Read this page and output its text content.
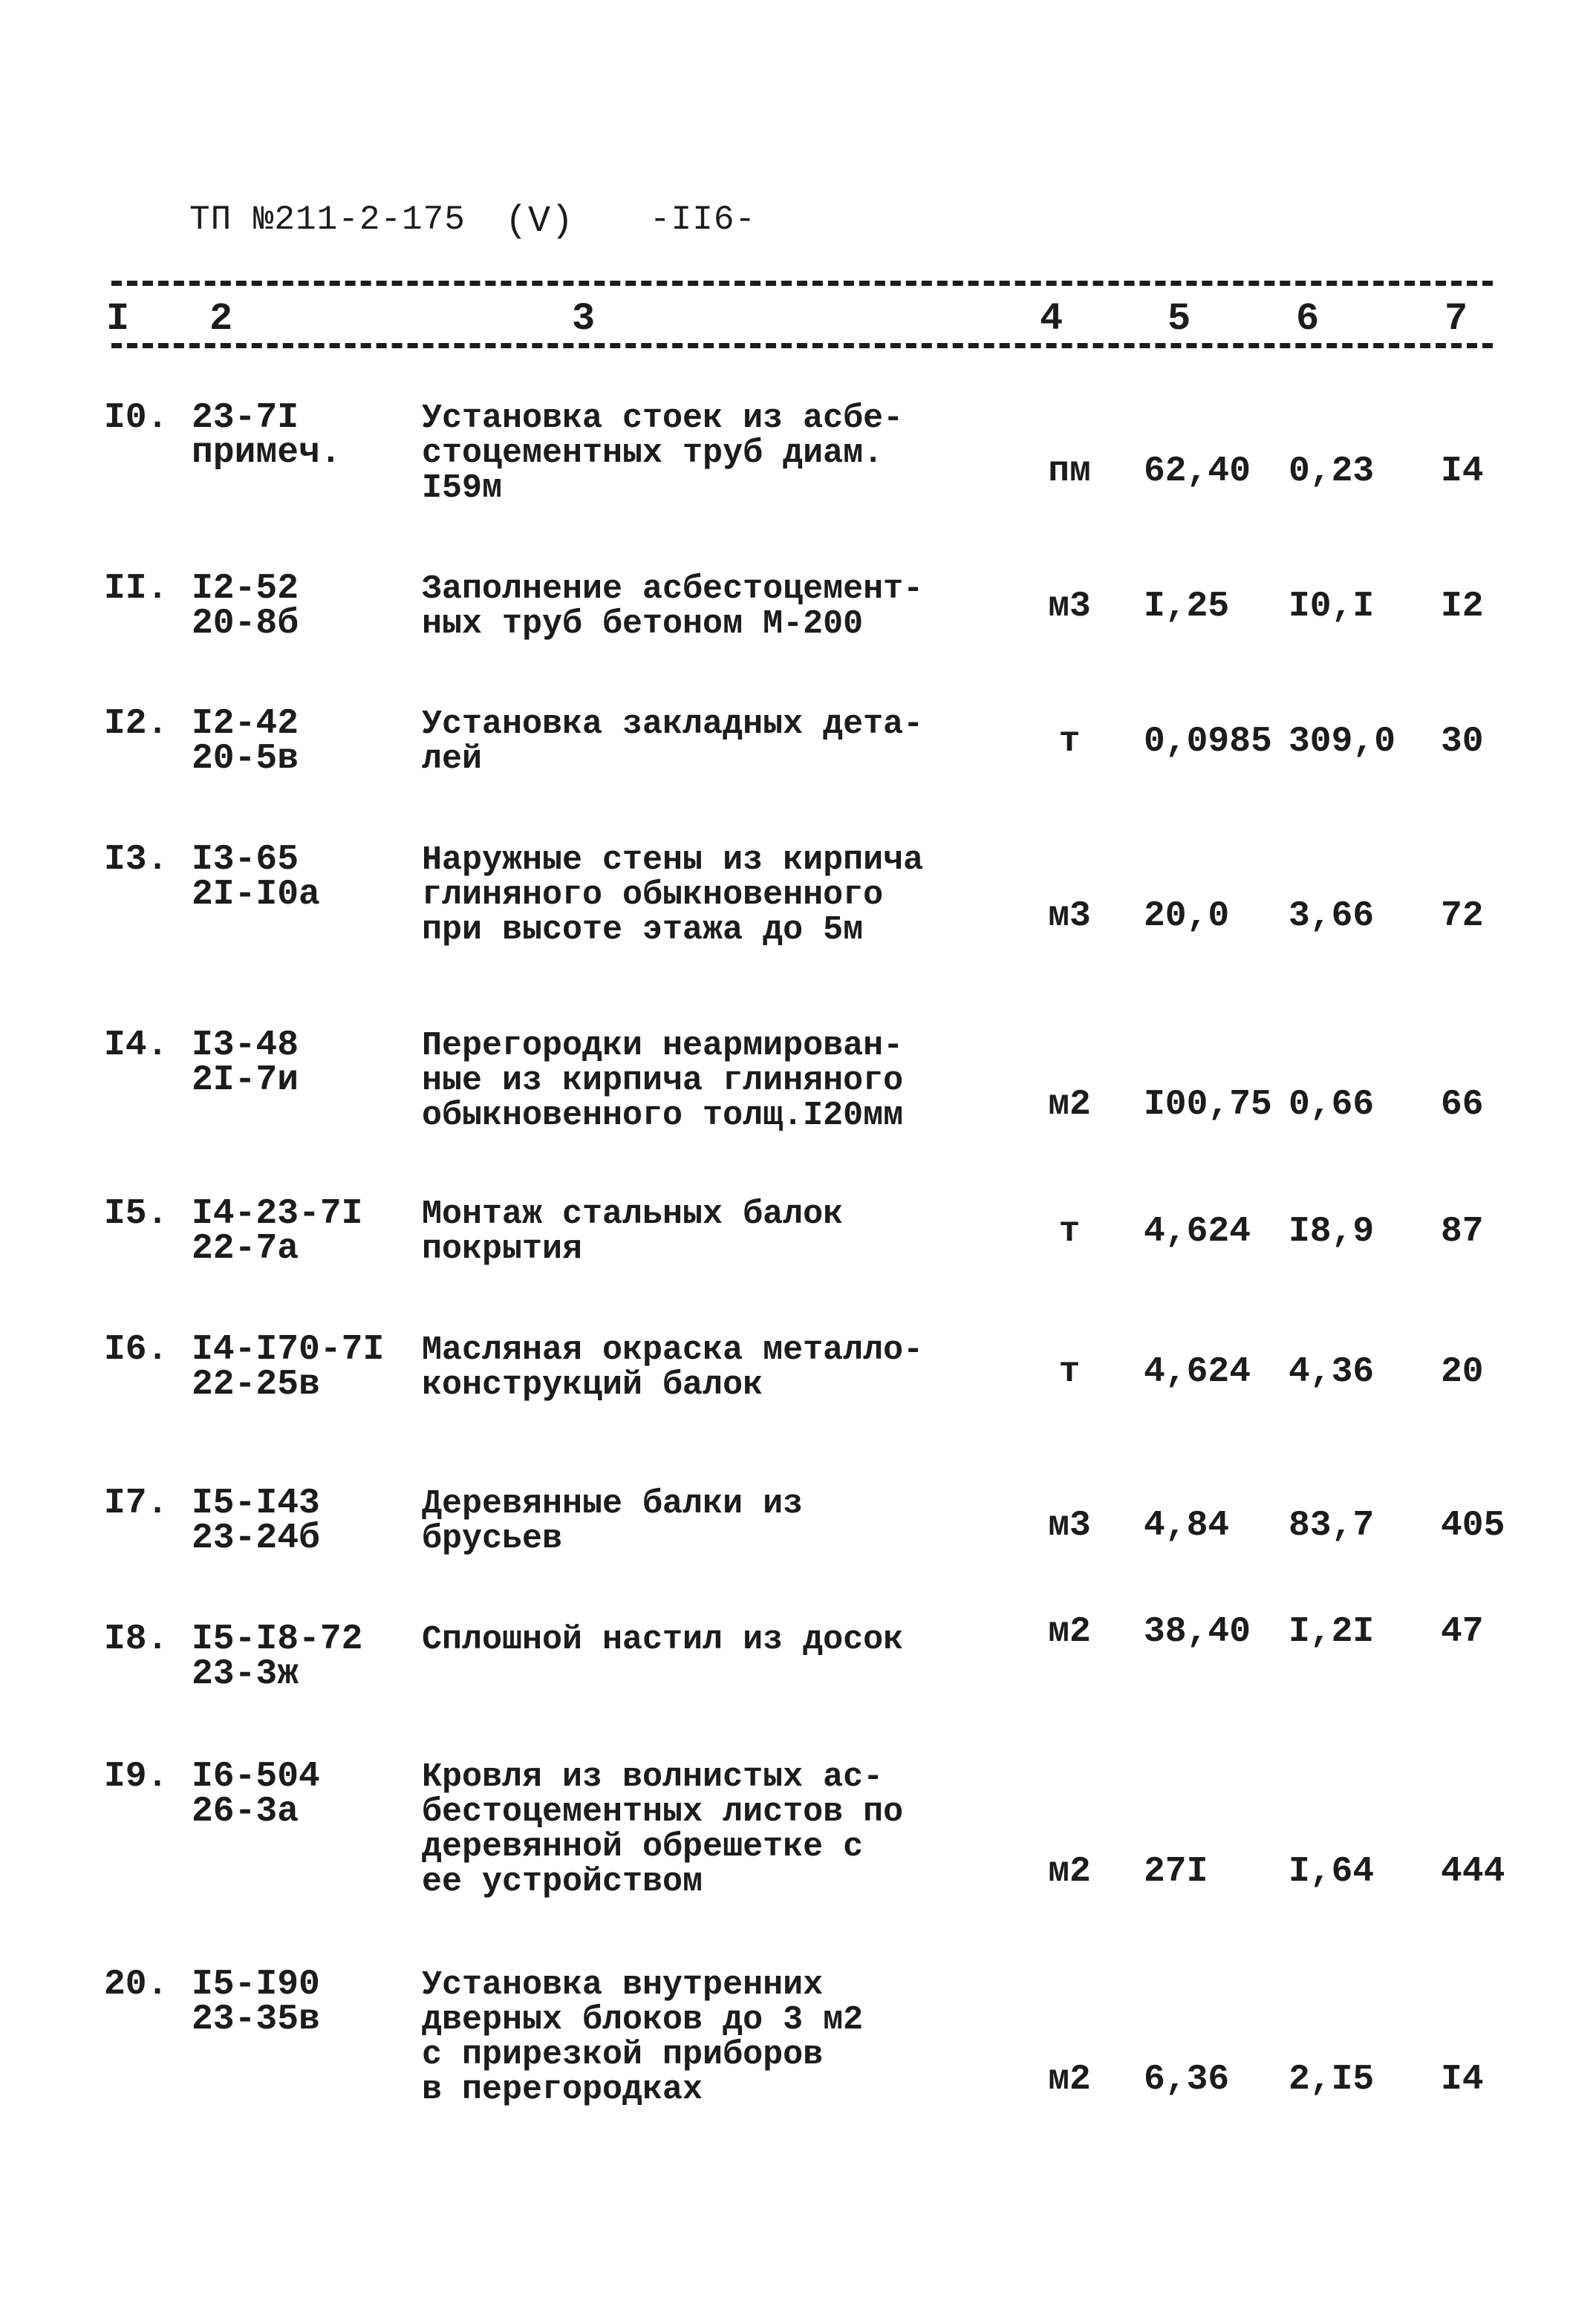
ТП №211-2-175 (V) -II6-
I 2	3	4	5	6	7
I0. 23-7I
примеч.
Установка стоек из асбе-
стоцементных труб диам.
I59м	пм 62,40 0,23 I4
II. I2-52
20-8б
Заполнение асбестоцемент-
ных труб бетоном М-200	м3 I,25 I0,I I2
I2. I2-42
20-5в
Установка закладных дета-
лей	т	0,0985 309,0 30
I3. I3-65
2I-I0а
Наружные стены из кирпича
глиняного обыкновенного
при высоте этажа до 5м	м3 20,0 3,66 72
I4. I3-48
2I-7и
Перегородки неармирован-
ные из кирпича глиняного
обыкновенного толщ.I20мм	м2 I00,75 0,66 66
I5. I4-23-7I
22-7а
Монтаж стальных балок
покрытия	т	4,624 I8,9 87
I6. I4-I70-7I
22-25в
Масляная окраска металло-
конструкций балок	т	4,624 4,36 20
I7. I5-I43
23-24б
Деревянные балки из
брусьев	м3 4,84 83,7 405
I8. I5-I8-72
23-3ж
Сплошной настил из досок	м2 38,40 I,2I 47
I9. I6-504
26-3а
Кровля из волнистых ас-
бестоцементных листов по
деревянной обрешетке с
ее устройством	м2 27I I,64 444
20. I5-I90
23-35в
Установка внутренних
дверных блоков до 3 м2
с прирезкой приборов
в перегородках	м2 6,36 2,I5 I4
